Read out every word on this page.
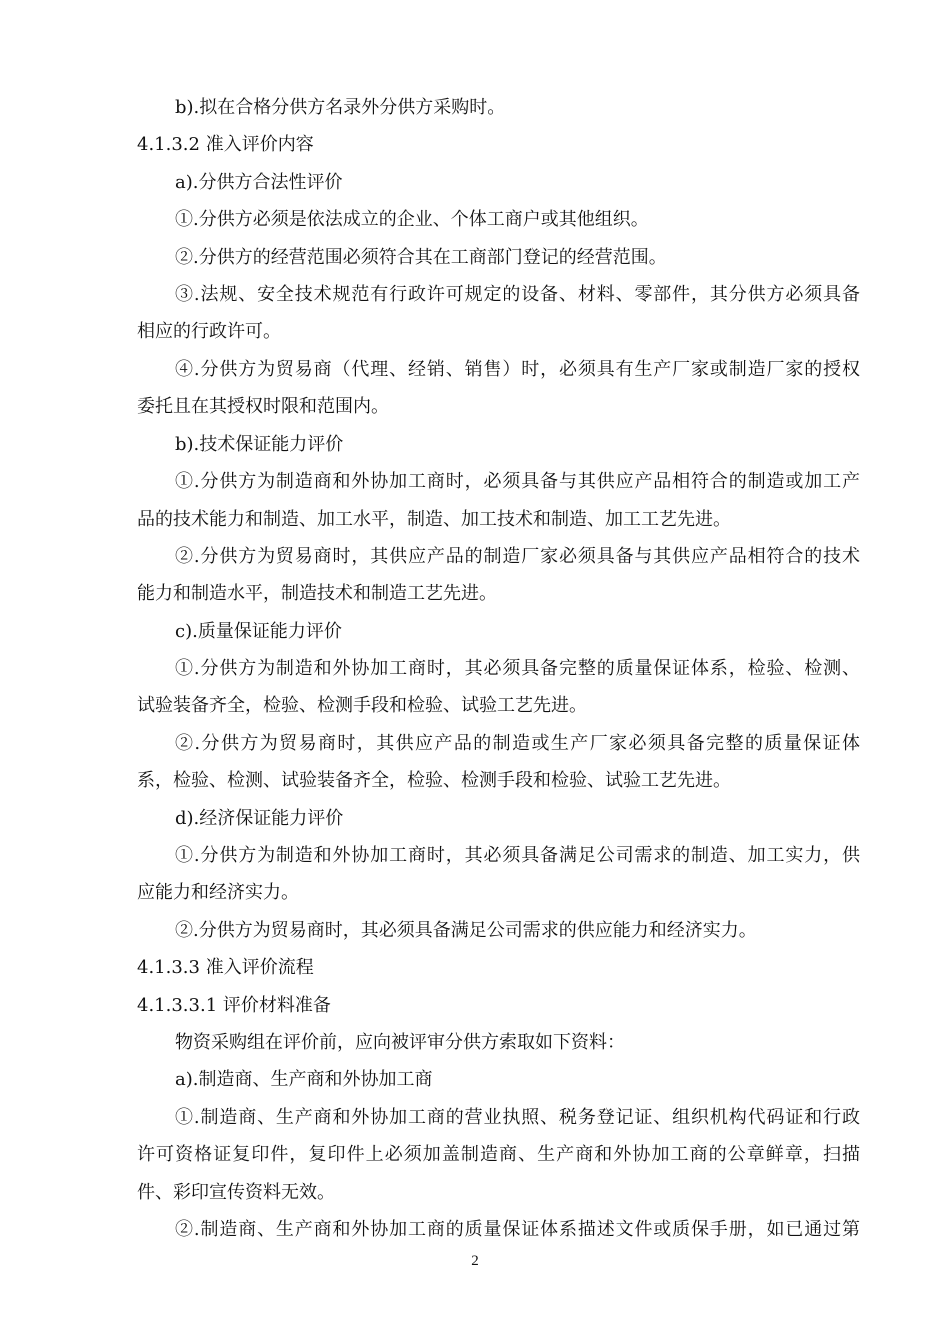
b).拟在合格分供方名录外分供方采购时。
4.1.3.2 准入评价内容
a).分供方合法性评价
①.分供方必须是依法成立的企业、个体工商户或其他组织。
②.分供方的经营范围必须符合其在工商部门登记的经营范围。
③.法规、安全技术规范有行政许可规定的设备、材料、零部件，其分供方必须具备
相应的行政许可。
④.分供方为贸易商（代理、经销、销售）时，必须具有生产厂家或制造厂家的授权
委托且在其授权时限和范围内。
b).技术保证能力评价
①.分供方为制造商和外协加工商时，必须具备与其供应产品相符合的制造或加工产
品的技术能力和制造、加工水平，制造、加工技术和制造、加工工艺先进。
②.分供方为贸易商时，其供应产品的制造厂家必须具备与其供应产品相符合的技术
能力和制造水平，制造技术和制造工艺先进。
c).质量保证能力评价
①.分供方为制造和外协加工商时，其必须具备完整的质量保证体系，检验、检测、
试验装备齐全，检验、检测手段和检验、试验工艺先进。
②.分供方为贸易商时，其供应产品的制造或生产厂家必须具备完整的质量保证体
系，检验、检测、试验装备齐全，检验、检测手段和检验、试验工艺先进。
d).经济保证能力评价
①.分供方为制造和外协加工商时，其必须具备满足公司需求的制造、加工实力，供
应能力和经济实力。
②.分供方为贸易商时，其必须具备满足公司需求的供应能力和经济实力。
4.1.3.3 准入评价流程
4.1.3.3.1 评价材料准备
物资采购组在评价前，应向被评审分供方索取如下资料：
a).制造商、生产商和外协加工商
①.制造商、生产商和外协加工商的营业执照、税务登记证、组织机构代码证和行政
许可资格证复印件，复印件上必须加盖制造商、生产商和外协加工商的公章鲜章，扫描
件、彩印宣传资料无效。
②.制造商、生产商和外协加工商的质量保证体系描述文件或质保手册，如已通过第
2
